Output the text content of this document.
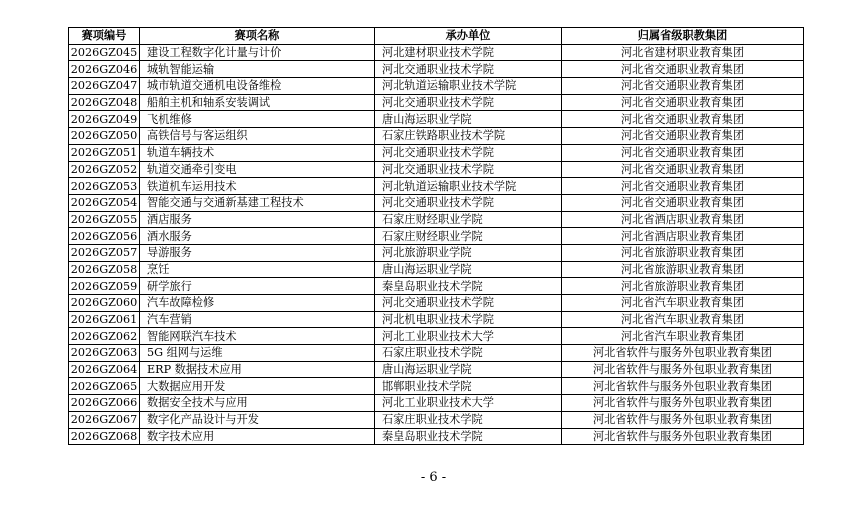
赛项编号	赛项名称	承办单位	归属省级职教集团
2026GZ045	建设工程数字化计量与计价	河北建材职业技术学院	河北省建材职业教育集团
2026GZ046	城轨智能运输	河北交通职业技术学院	河北省交通职业教育集团
2026GZ047	城市轨道交通机电设备维检	河北轨道运输职业技术学院	河北省交通职业教育集团
2026GZ048	船舶主机和轴系安装调试	河北交通职业技术学院	河北省交通职业教育集团
2026GZ049	飞机维修	唐山海运职业学院	河北省交通职业教育集团
2026GZ050	高铁信号与客运组织	石家庄铁路职业技术学院	河北省交通职业教育集团
2026GZ051	轨道车辆技术	河北交通职业技术学院	河北省交通职业教育集团
2026GZ052	轨道交通牵引变电	河北交通职业技术学院	河北省交通职业教育集团
2026GZ053	铁道机车运用技术	河北轨道运输职业技术学院	河北省交通职业教育集团
2026GZ054	智能交通与交通新基建工程技术	河北交通职业技术学院	河北省交通职业教育集团
2026GZ055	酒店服务	石家庄财经职业学院	河北省酒店职业教育集团
2026GZ056	酒水服务	石家庄财经职业学院	河北省酒店职业教育集团
2026GZ057	导游服务	河北旅游职业学院	河北省旅游职业教育集团
2026GZ058	烹饪	唐山海运职业学院	河北省旅游职业教育集团
2026GZ059	研学旅行	秦皇岛职业技术学院	河北省旅游职业教育集团
2026GZ060	汽车故障检修	河北交通职业技术学院	河北省汽车职业教育集团
2026GZ061	汽车营销	河北机电职业技术学院	河北省汽车职业教育集团
2026GZ062	智能网联汽车技术	河北工业职业技术大学	河北省汽车职业教育集团
2026GZ063	5G 组网与运维	石家庄职业技术学院	河北省软件与服务外包职业教育集团
2026GZ064	ERP 数据技术应用	唐山海运职业学院	河北省软件与服务外包职业教育集团
2026GZ065	大数据应用开发	邯郸职业技术学院	河北省软件与服务外包职业教育集团
2026GZ066	数据安全技术与应用	河北工业职业技术大学	河北省软件与服务外包职业教育集团
2026GZ067	数字化产品设计与开发	石家庄职业技术学院	河北省软件与服务外包职业教育集团
2026GZ068	数字技术应用	秦皇岛职业技术学院	河北省软件与服务外包职业教育集团
- 6 -
